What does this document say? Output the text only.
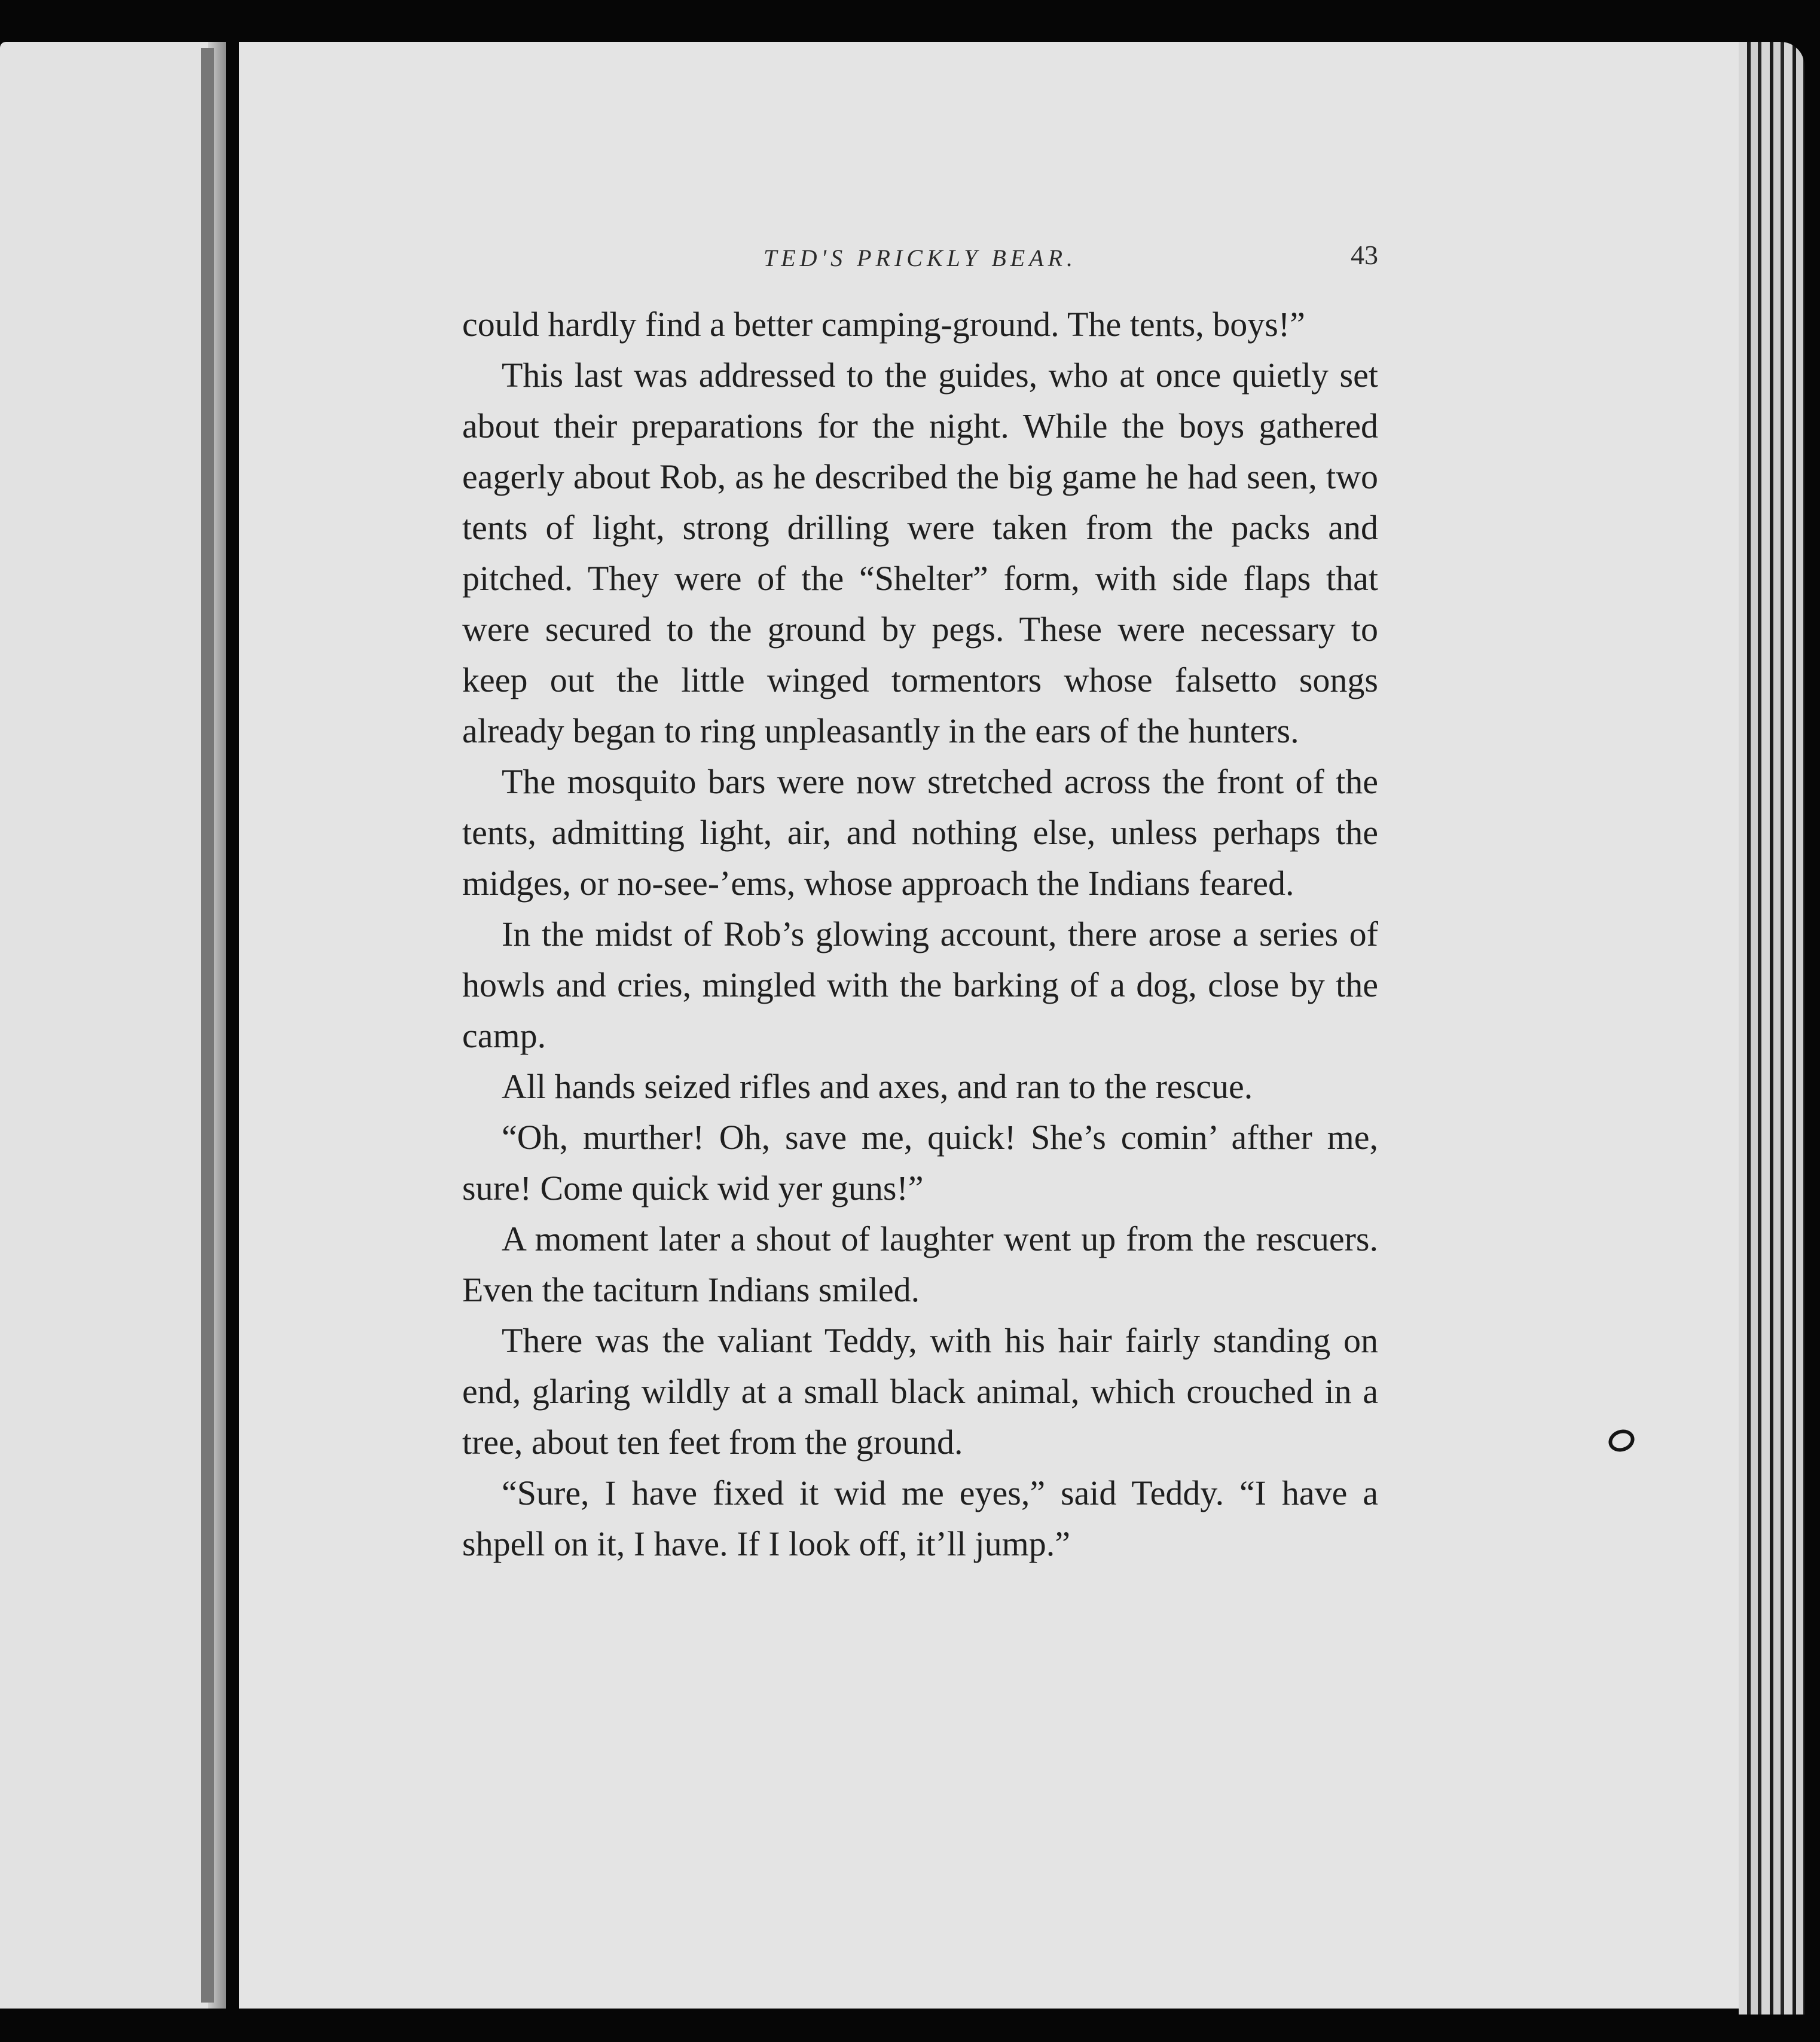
TED'S PRICKLY BEAR.	43

could hardly find a better camping-ground. The tents, boys!”

This last was addressed to the guides, who at once quietly set about their preparations for the night. While the boys gathered eagerly about Rob, as he described the big game he had seen, two tents of light, strong drilling were taken from the packs and pitched. They were of the “Shelter” form, with side flaps that were secured to the ground by pegs. These were necessary to keep out the little winged tormentors whose falsetto songs already began to ring unpleasantly in the ears of the hunters.

The mosquito bars were now stretched across the front of the tents, admitting light, air, and nothing else, unless perhaps the midges, or no-see-’ems, whose approach the Indians feared.

In the midst of Rob’s glowing account, there arose a series of howls and cries, mingled with the barking of a dog, close by the camp.

All hands seized rifles and axes, and ran to the rescue.

“Oh, murther! Oh, save me, quick! She’s comin’ afther me, sure! Come quick wid yer guns!”

A moment later a shout of laughter went up from the rescuers. Even the taciturn Indians smiled.

There was the valiant Teddy, with his hair fairly standing on end, glaring wildly at a small black animal, which crouched in a tree, about ten feet from the ground.

“Sure, I have fixed it wid me eyes,” said Teddy. “I have a shpell on it, I have. If I look off, it’ll jump.”
